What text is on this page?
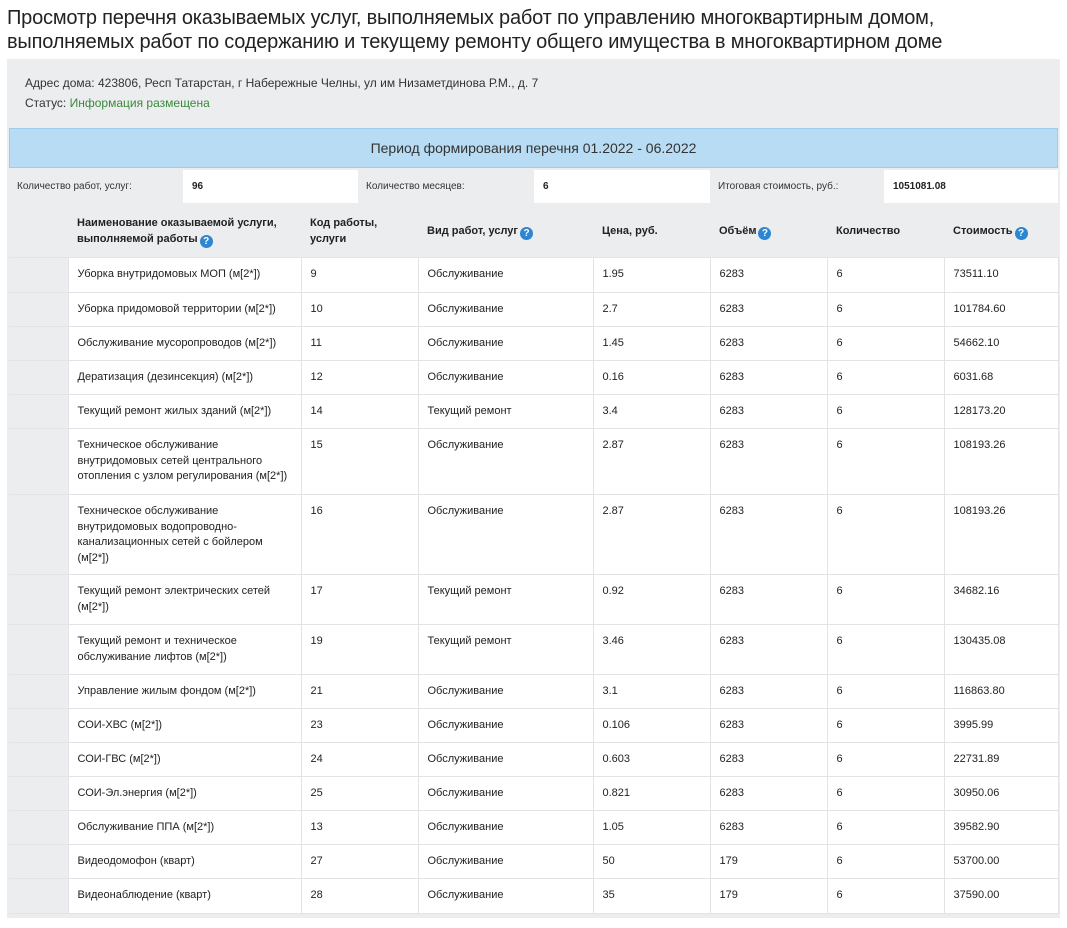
Просмотр перечня оказываемых услуг, выполняемых работ по управлению многоквартирным домом, выполняемых работ по содержанию и текущему ремонту общего имущества в многоквартирном доме
Адрес дома: 423806, Респ Татарстан, г Набережные Челны, ул им Низаметдинова Р.М., д. 7
Статус: Информация размещена
Период формирования перечня 01.2022 - 06.2022
Количество работ, услуг:	96	Количество месяцев:	6	Итоговая стоимость, руб.:	1051081.08
	Наименование оказываемой услуги, выполняемой работы ?	Код работы, услуги	Вид работ, услуг ?	Цена, руб.	Объём ?	Количество	Стоимость ?
	Уборка внутридомовых МОП (м[2*])	9	Обслуживание	1.95	6283	6	73511.10
	Уборка придомовой территории (м[2*])	10	Обслуживание	2.7	6283	6	101784.60
	Обслуживание мусоропроводов (м[2*])	11	Обслуживание	1.45	6283	6	54662.10
	Дератизация (дезинсекция) (м[2*])	12	Обслуживание	0.16	6283	6	6031.68
	Текущий ремонт жилых зданий (м[2*])	14	Текущий ремонт	3.4	6283	6	128173.20
	Техническое обслуживание внутридомовых сетей центрального отопления с узлом регулирования (м[2*])	15	Обслуживание	2.87	6283	6	108193.26
	Техническое обслуживание внутридомовых водопроводно-канализационных сетей с бойлером (м[2*])	16	Обслуживание	2.87	6283	6	108193.26
	Текущий ремонт электрических сетей (м[2*])	17	Текущий ремонт	0.92	6283	6	34682.16
	Текущий ремонт и техническое обслуживание лифтов (м[2*])	19	Текущий ремонт	3.46	6283	6	130435.08
	Управление жилым фондом (м[2*])	21	Обслуживание	3.1	6283	6	116863.80
	СОИ-ХВС (м[2*])	23	Обслуживание	0.106	6283	6	3995.99
	СОИ-ГВС (м[2*])	24	Обслуживание	0.603	6283	6	22731.89
	СОИ-Эл.энергия (м[2*])	25	Обслуживание	0.821	6283	6	30950.06
	Обслуживание ППА (м[2*])	13	Обслуживание	1.05	6283	6	39582.90
	Видеодомофон (кварт)	27	Обслуживание	50	179	6	53700.00
	Видеонаблюдение (кварт)	28	Обслуживание	35	179	6	37590.00
